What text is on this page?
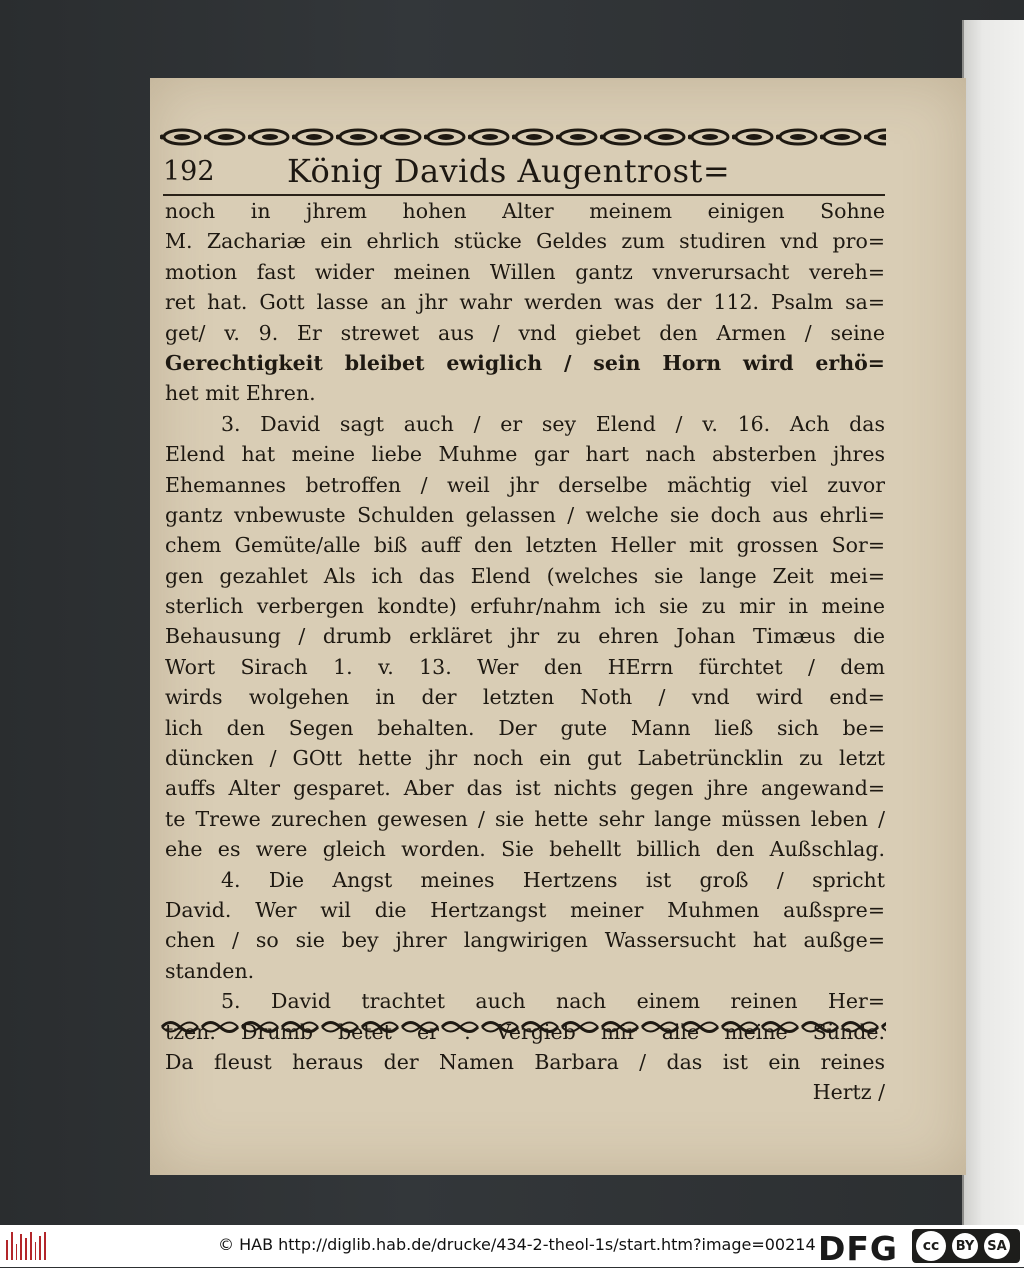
192 König Davids Augentrost=
noch in jhrem hohen Alter meinem einigen Sohne
M. Zachariæ ein ehrlich stücke Geldes zum studiren vnd pro=
motion fast wider meinen Willen gantz vnverursacht vereh=
ret hat. Gott lasse an jhr wahr werden was der 112. Psalm sa=
get/ v. 9. Er strewet aus / vnd giebet den Armen / seine
Gerechtigkeit bleibet ewiglich / sein Horn wird erhö=
het mit Ehren.
3. David sagt auch / er sey Elend / v. 16. Ach das
Elend hat meine liebe Muhme gar hart nach absterben jhres
Ehemannes betroffen / weil jhr derselbe mächtig viel zuvor
gantz vnbewuste Schulden gelassen / welche sie doch aus ehrli=
chem Gemüte/alle biß auff den letzten Heller mit grossen Sor=
gen gezahlet Als ich das Elend (welches sie lange Zeit mei=
sterlich verbergen kondte) erfuhr/nahm ich sie zu mir in meine
Behausung / drumb erkläret jhr zu ehren Johan Timæus die
Wort Sirach 1. v. 13. Wer den HErrn fürchtet / dem
wirds wolgehen in der letzten Noth / vnd wird end=
lich den Segen behalten. Der gute Mann ließ sich be=
düncken / GOtt hette jhr noch ein gut Labetrüncklin zu letzt
auffs Alter gesparet. Aber das ist nichts gegen jhre angewand=
te Trewe zurechen gewesen / sie hette sehr lange müssen leben /
ehe es were gleich worden. Sie behellt billich den Außschlag.
4. Die Angst meines Hertzens ist groß / spricht
David. Wer wil die Hertzangst meiner Muhmen außspre=
chen / so sie bey jhrer langwirigen Wassersucht hat außge=
standen.
5. David trachtet auch nach einem reinen Her=
Da fleust heraus der Namen Barbara / das ist ein reines
Hertz /
© HAB http://diglib.hab.de/drucke/434-2-theol-1s/start.htm?image=00214 DFG	cc	BY SA
